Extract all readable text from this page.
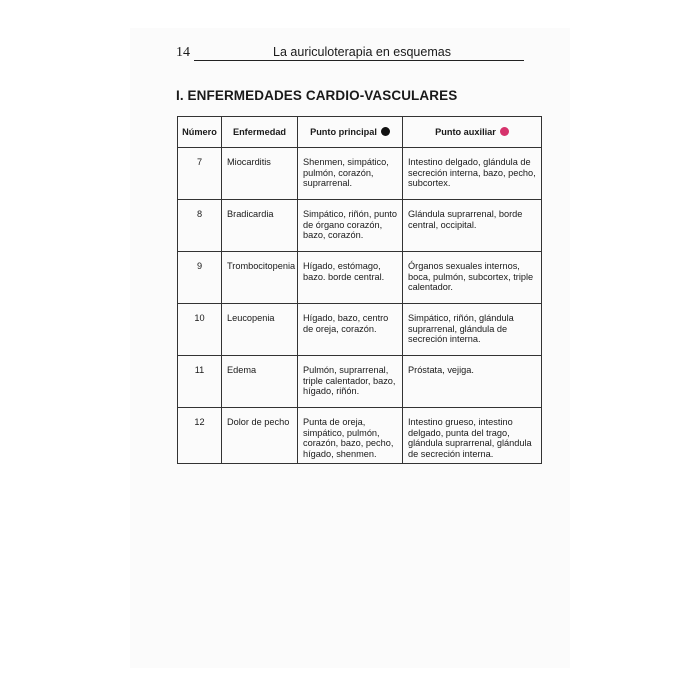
14	La auriculoterapia en esquemas
I. ENFERMEDADES CARDIO-VASCULARES
Número	Enfermedad	Punto principal	Punto auxiliar
7	Miocarditis	Shenmen, simpático, pulmón, corazón, suprarrenal.	Intestino delgado, glándula de secreción interna, bazo, pecho, subcortex.
8	Bradicardia	Simpático, riñón, punto de órgano corazón, bazo, corazón.	Glándula suprarrenal, borde central, occipital.
9	Trombocitopenia	Hígado, estómago, bazo. borde central.	Órganos sexuales internos, boca, pulmón, subcortex, triple calentador.
10	Leucopenia	Hígado, bazo, centro de oreja, corazón.	Simpático, riñón, glándula suprarrenal, glándula de secreción interna.
11	Edema	Pulmón, suprarrenal, triple calentador, bazo, hígado, riñón.	Próstata, vejiga.
12	Dolor de pecho	Punta de oreja, simpático, pulmón, corazón, bazo, pecho, hígado, shenmen.	Intestino grueso, intestino delgado, punta del trago, glándula suprarrenal, glándula de secreción interna.
